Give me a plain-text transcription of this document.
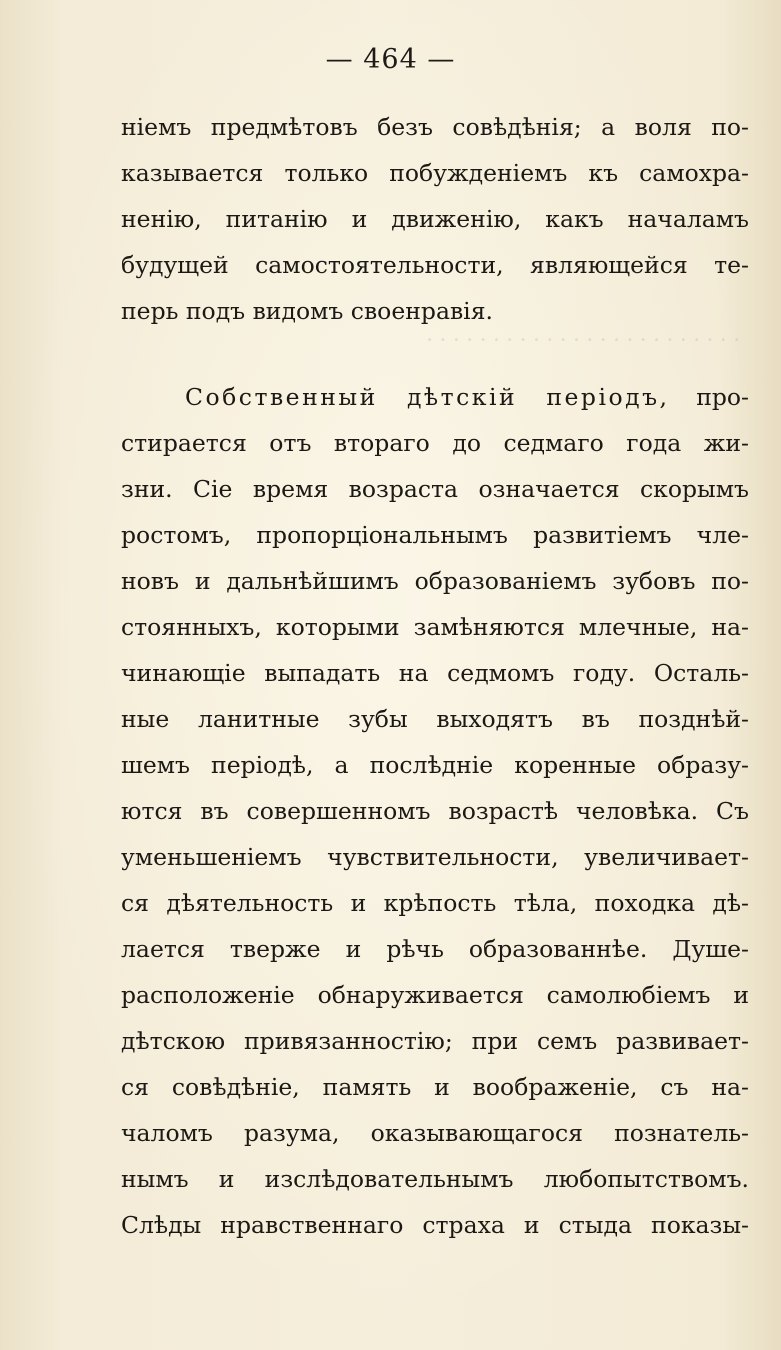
· · · · · · · · · · · · · · · · · · · · · · · ·
— 464 —
ніемъ предмѣтовъ безъ совѣдѣнія; а воля по-
казывается только побужденіемъ къ самохра-
ненію, питанію и движенію, какъ началамъ
будущей самостоятельности, являющейся те-
перь подъ видомъ своенравія.
Собственный дѣтскій періодъ, про-
стирается отъ втораго до седмаго года жи-
зни. Сіе время возраста означается скорымъ
ростомъ, пропорціональнымъ развитіемъ чле-
новъ и дальнѣйшимъ образованіемъ зубовъ по-
стоянныхъ, которыми замѣняются млечные, на-
чинающіе выпадать на седмомъ году. Осталь-
ные ланитные зубы выходятъ въ позднѣй-
шемъ періодѣ, а послѣдніе коренные образу-
ются въ совершенномъ возрастѣ человѣка. Съ
уменьшеніемъ чувствительности, увеличивает-
ся дѣятельность и крѣпость тѣла, походка дѣ-
лается тверже и рѣчь образованнѣе. Душе-
расположеніе обнаруживается самолюбіемъ и
дѣтскою привязанностію; при семъ развивает-
ся совѣдѣніе, память и воображеніе, съ на-
чаломъ разума, оказывающагося познатель-
нымъ и изслѣдовательнымъ любопытствомъ.
Слѣды нравственнаго страха и стыда показы-
